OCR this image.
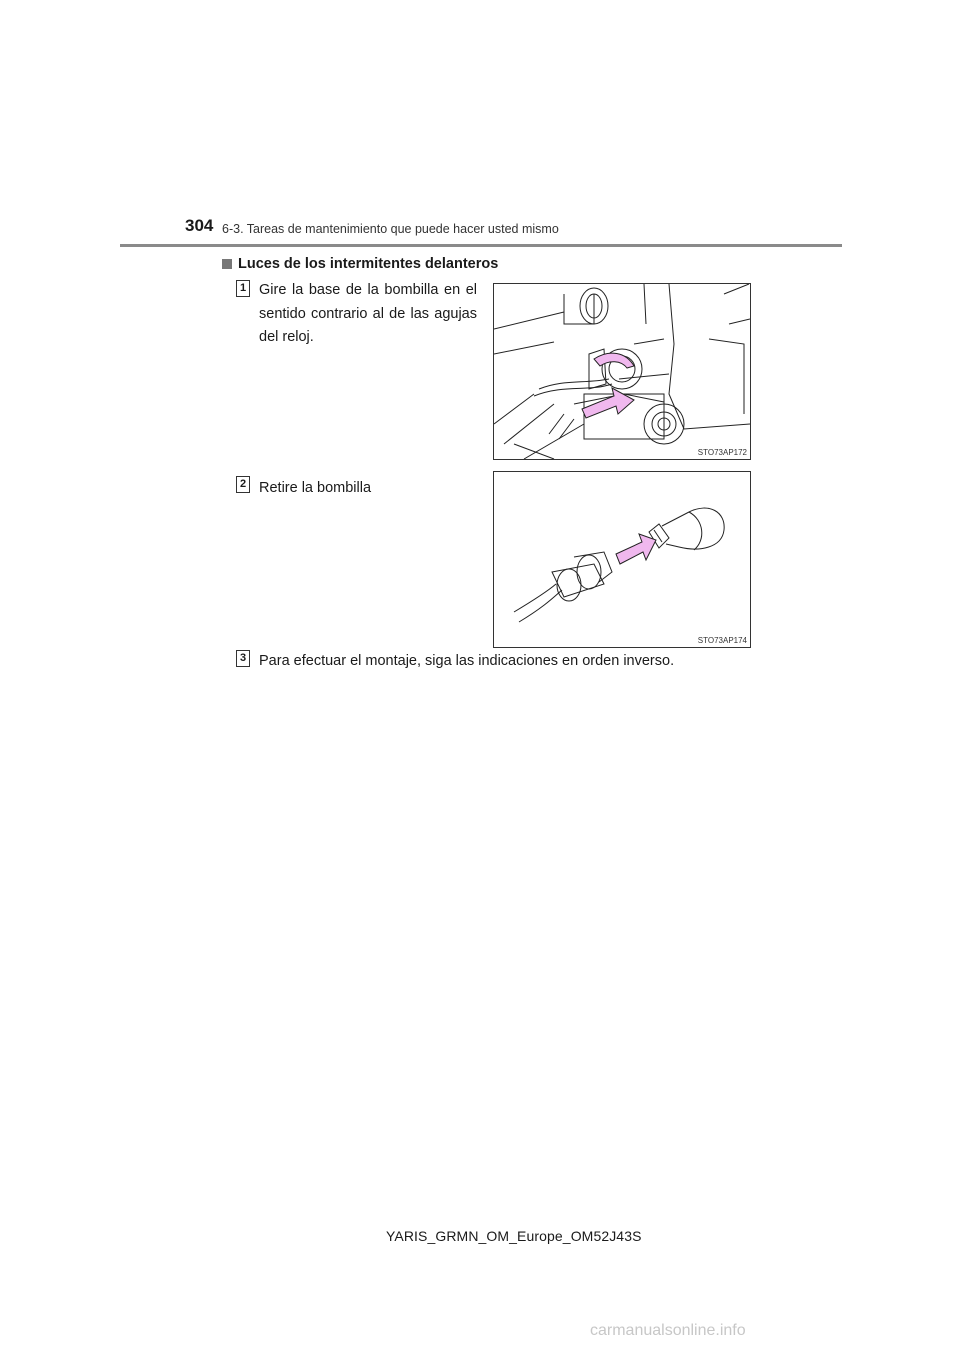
304 6-3. Tareas de mantenimiento que puede hacer usted mismo
Luces de los intermitentes delanteros
1 Gire la base de la bombilla en el sentido contrario al de las agujas del reloj.
STO73AP172
2 Retire la bombilla
STO73AP174
3 Para efectuar el montaje, siga las indicaciones en orden inverso.
YARIS_GRMN_OM_Europe_OM52J43S
carmanualsonline.info
